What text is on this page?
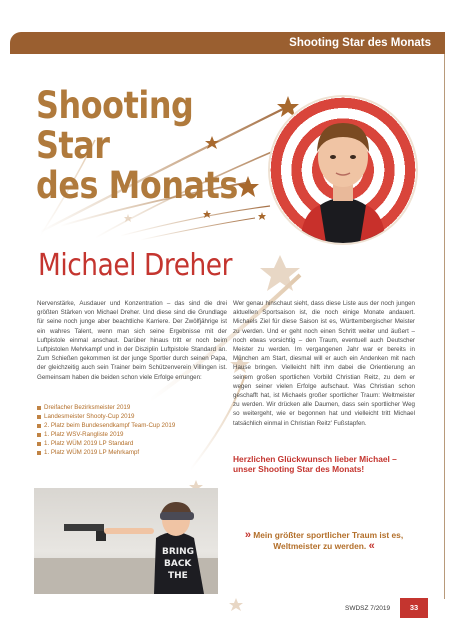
Shooting Star des Monats
Shooting Star
des Monats
Michael Dreher

Nervenstärke, Ausdauer und Konzentration – das sind die drei größten Stärken von Michael Dreher. Und diese sind die Grundlage für seine noch junge aber beachtliche Karriere. Der Zwölfjährige ist ein wahres Talent, wenn man sich seine Ergebnisse mit der Luftpistole einmal anschaut. Darüber hinaus tritt er noch beim Luftpistolen Mehrkampf und in der Disziplin Luftpistole Standard an. Zum Schießen gekommen ist der junge Sportler durch seinen Papa, der gleichzeitig auch sein Trainer beim Schützenverein Villingen ist. Gemeinsam haben die beiden schon viele Erfolge errungen:

Dreifacher Bezirksmeister 2019
Landesmeister Shooty-Cup 2019
2. Platz beim Bundesendkampf Team-Cup 2019
1. Platz WSV-Rangliste 2019
1. Platz WÜM 2019 LP Standard
1. Platz WÜM 2019 LP Mehrkampf

Wer genau hinschaut sieht, dass diese Liste aus der noch jungen aktuellen Sportsaison ist, die noch einige Monate andauert. Michaels Ziel für diese Saison ist es, Württembergischer Meister zu werden. Und er geht noch einen Schritt weiter und äußert – noch etwas vorsichtig – den Traum, eventuell auch Deutscher Meister zu werden. Im vergangenen Jahr war er bereits in München am Start, diesmal will er auch ein Andenken mit nach Hause bringen. Vielleicht hilft ihm dabei die Orientierung an seinem großen sportlichen Vorbild Christian Reitz, zu dem er wegen seiner vielen Erfolge aufschaut. Was Christian schon geschafft hat, ist Michaels großer sportlicher Traum: Weltmeister zu werden. Wir drücken alle Daumen, dass sein sportlicher Weg so weitergeht, wie er begonnen hat und vielleicht tritt Michael tatsächlich einmal in Christian Reitz' Fußstapfen.

Herzlichen Glückwunsch lieber Michael –
unser Shooting Star des Monats!
BRING
BACK
THE
» Mein größter sportlicher Traum ist es,
Weltmeister zu werden. «
SWDSZ 7/2019	33
